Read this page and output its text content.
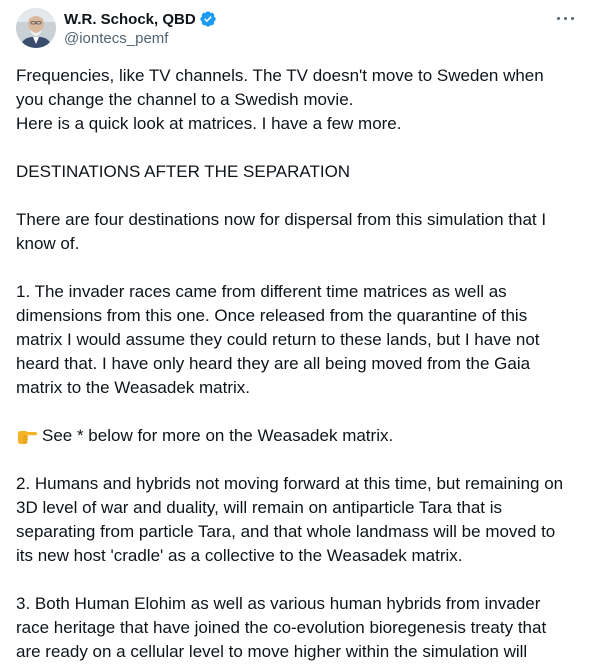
W.R. Schock, QBD
@iontecs_pemf

Frequencies, like TV channels. The TV doesn't move to Sweden when

you change the channel to a Swedish movie.

Here is a quick look at matrices. I have a few more.

DESTINATIONS AFTER THE SEPARATION

There are four destinations now for dispersal from this simulation that I

know of.

1. The invader races came from different time matrices as well as

dimensions from this one. Once released from the quarantine of this

matrix I would assume they could return to these lands, but I have not

heard that. I have only heard they are all being moved from the Gaia

matrix to the Weasadek matrix.

See * below for more on the Weasadek matrix.

2. Humans and hybrids not moving forward at this time, but remaining on

3D level of war and duality, will remain on antiparticle Tara that is

separating from particle Tara, and that whole landmass will be moved to

its new host 'cradle' as a collective to the Weasadek matrix.

3. Both Human Elohim as well as various human hybrids from invader

race heritage that have joined the co-evolution bioregenesis treaty that

are ready on a cellular level to move higher within the simulation will
